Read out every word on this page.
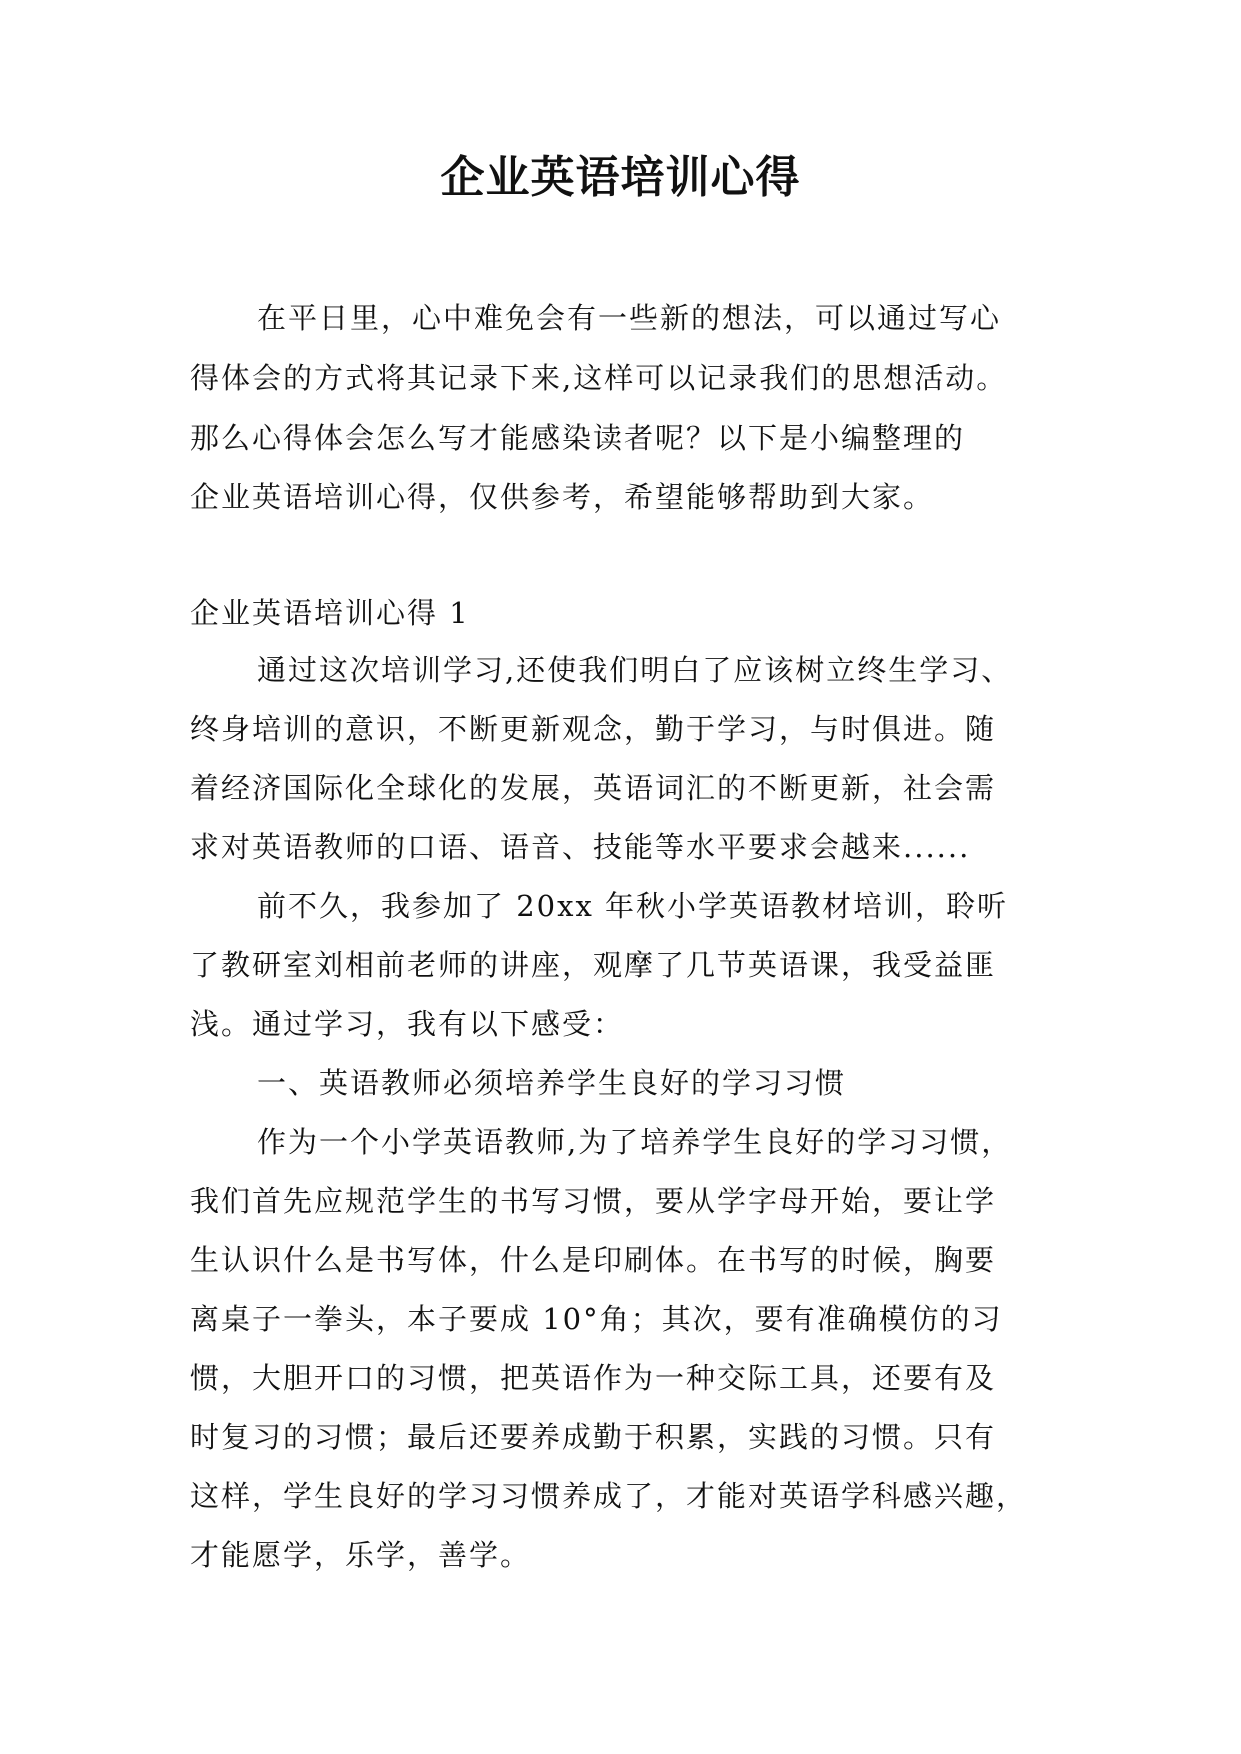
企业英语培训心得
在平日里，心中难免会有一些新的想法，可以通过写心
得体会的方式将其记录下来,这样可以记录我们的思想活动。
那么心得体会怎么写才能感染读者呢？以下是小编整理的
企业英语培训心得，仅供参考，希望能够帮助到大家。
企业英语培训心得 1
通过这次培训学习,还使我们明白了应该树立终生学习、
终身培训的意识，不断更新观念，勤于学习，与时俱进。随
着经济国际化全球化的发展，英语词汇的不断更新，社会需
求对英语教师的口语、语音、技能等水平要求会越来......
前不久，我参加了 20xx 年秋小学英语教材培训，聆听
了教研室刘相前老师的讲座，观摩了几节英语课，我受益匪
浅。通过学习，我有以下感受：
一、英语教师必须培养学生良好的学习习惯
作为一个小学英语教师,为了培养学生良好的学习习惯，
我们首先应规范学生的书写习惯，要从学字母开始，要让学
生认识什么是书写体，什么是印刷体。在书写的时候，胸要
离桌子一拳头，本子要成 10°角；其次，要有准确模仿的习
惯，大胆开口的习惯，把英语作为一种交际工具，还要有及
时复习的习惯；最后还要养成勤于积累，实践的习惯。只有
这样，学生良好的学习习惯养成了，才能对英语学科感兴趣，
才能愿学，乐学，善学。
